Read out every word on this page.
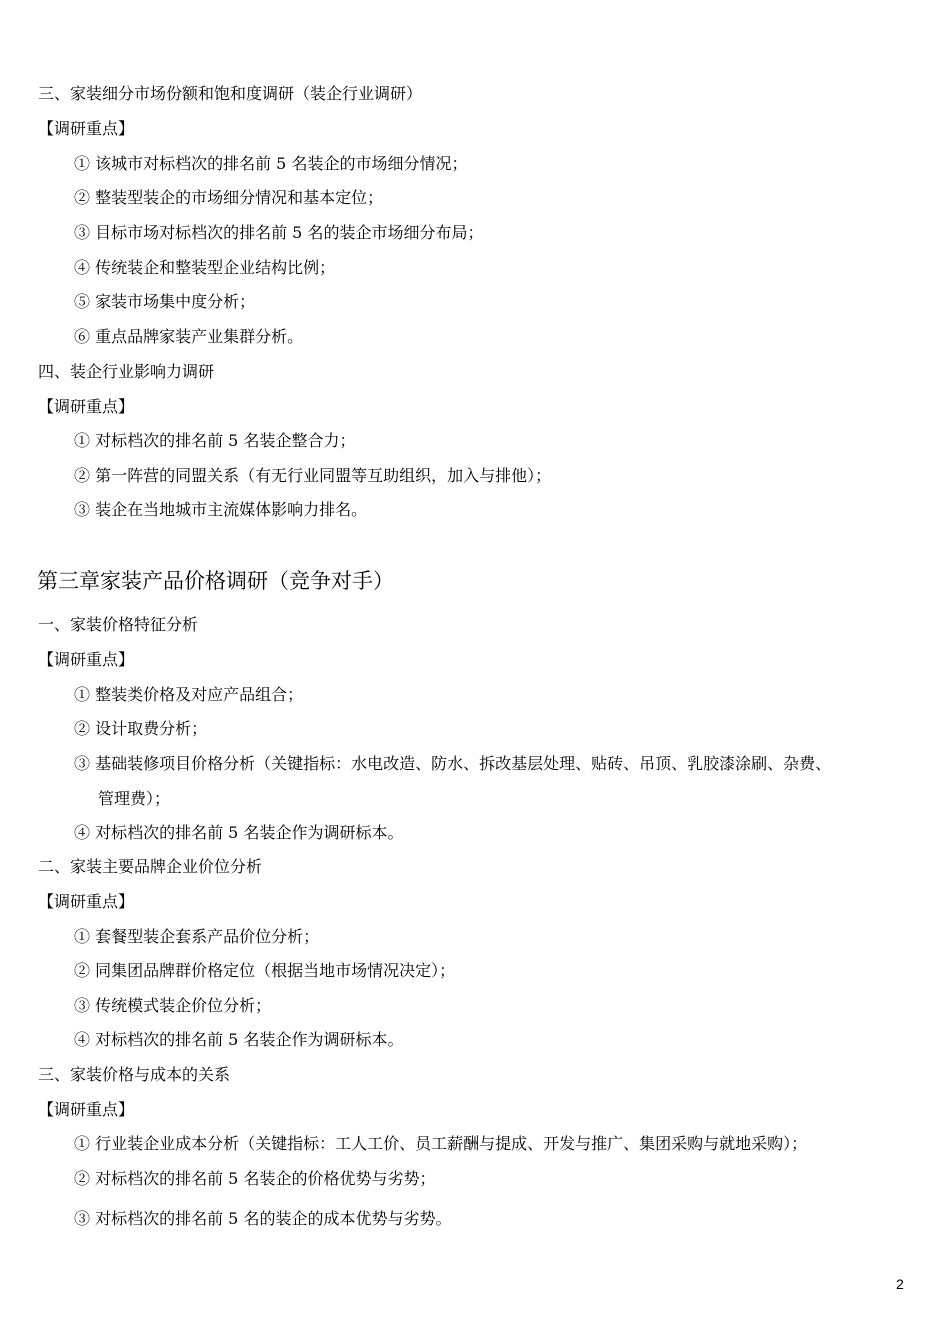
三、家装细分市场份额和饱和度调研（装企行业调研）
【调研重点】
① 该城市对标档次的排名前 5 名装企的市场细分情况；
② 整装型装企的市场细分情况和基本定位；
③ 目标市场对标档次的排名前 5 名的装企市场细分布局；
④ 传统装企和整装型企业结构比例；
⑤ 家装市场集中度分析；
⑥ 重点品牌家装产业集群分析。
四、装企行业影响力调研
【调研重点】
① 对标档次的排名前 5 名装企整合力；
② 第一阵营的同盟关系（有无行业同盟等互助组织，加入与排他）；
③ 装企在当地城市主流媒体影响力排名。
第三章家装产品价格调研（竞争对手）
一、家装价格特征分析
【调研重点】
① 整装类价格及对应产品组合；
② 设计取费分析；
③ 基础装修项目价格分析（关键指标：水电改造、防水、拆改基层处理、贴砖、吊顶、乳胶漆涂刷、杂费、
管理费）；
④ 对标档次的排名前 5 名装企作为调研标本。
二、家装主要品牌企业价位分析
【调研重点】
① 套餐型装企套系产品价位分析；
② 同集团品牌群价格定位（根据当地市场情况决定）；
③ 传统模式装企价位分析；
④ 对标档次的排名前 5 名装企作为调研标本。
三、家装价格与成本的关系
【调研重点】
① 行业装企业成本分析（关键指标：工人工价、员工薪酬与提成、开发与推广、集团采购与就地采购）；
② 对标档次的排名前 5 名装企的价格优势与劣势；
③ 对标档次的排名前 5 名的装企的成本优势与劣势。
2
